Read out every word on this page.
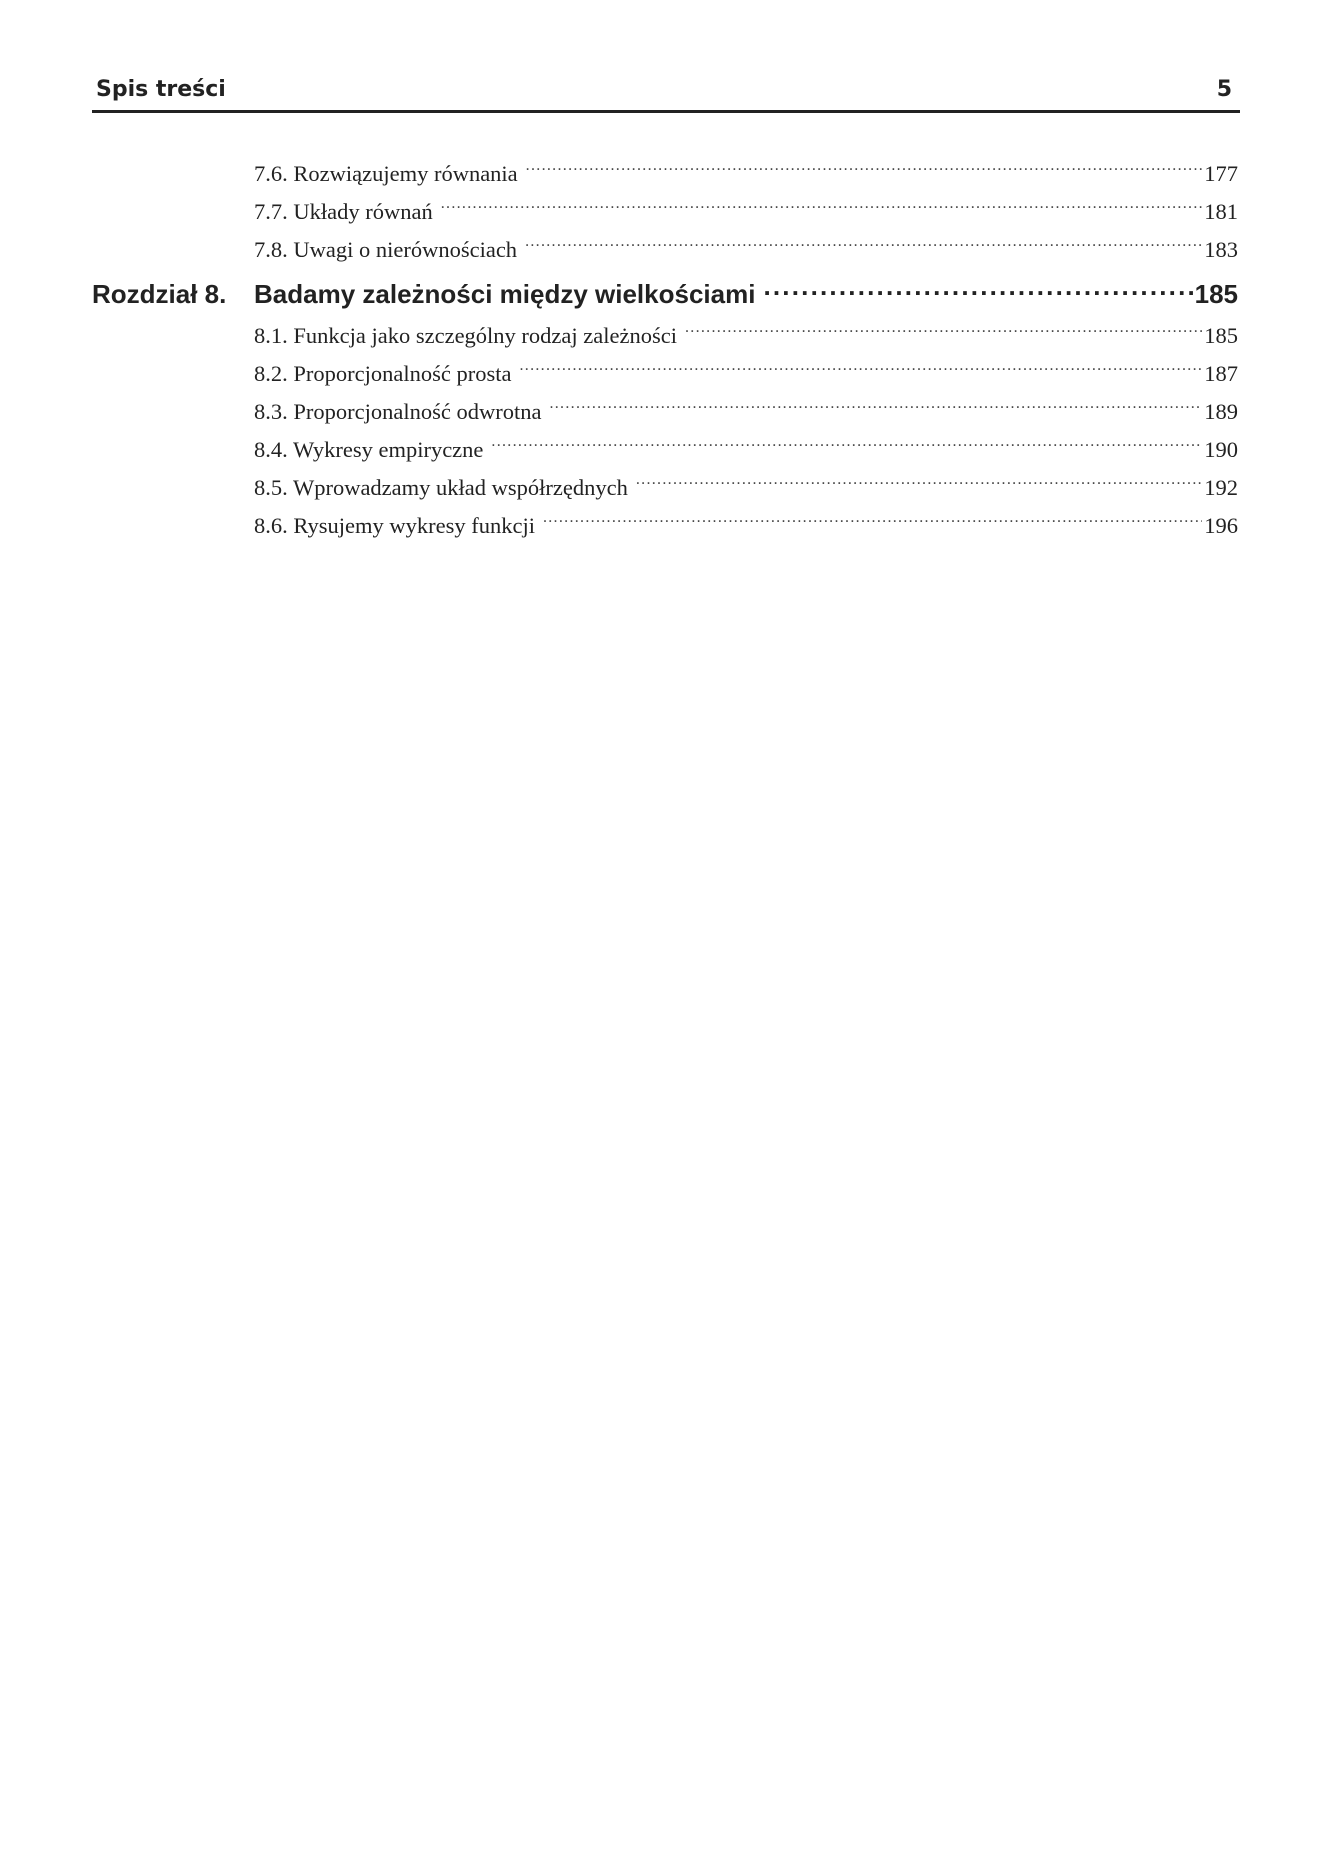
Spis treści	5
7.6. Rozwiązujemy równania .....	177
7.7. Układy równań .....	181
7.8. Uwagi o nierównościach .....	183
Rozdział 8.	Badamy zależności między wielkościami .....	185
8.1. Funkcja jako szczególny rodzaj zależności .....	185
8.2. Proporcjonalność prosta .....	187
8.3. Proporcjonalność odwrotna .....	189
8.4. Wykresy empiryczne .....	190
8.5. Wprowadzamy układ współrzędnych .....	192
8.6. Rysujemy wykresy funkcji .....	196
